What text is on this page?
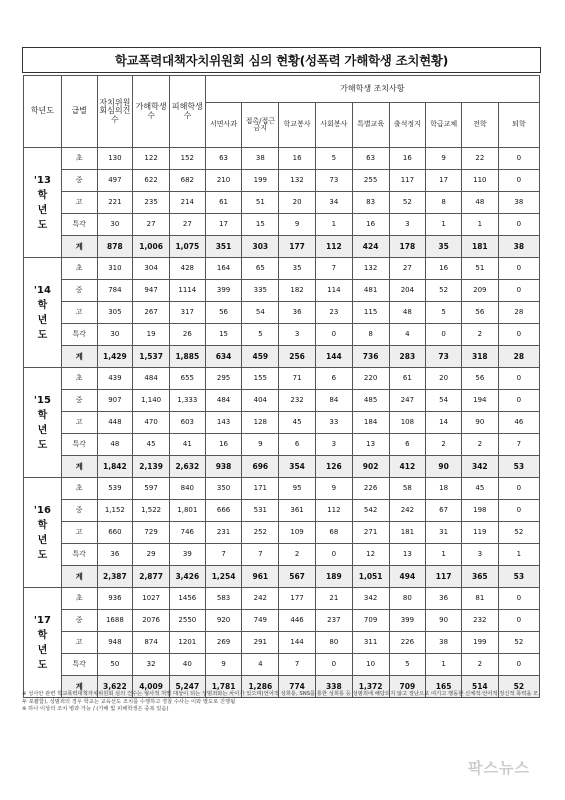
학교폭력대책자치위원회 심의 현황(성폭력 가해학생 조치현황)
학년도	급별	자치위원회심의건수	가해학생수	피해학생수	가해학생 조치사항								
					서면사과	접촉/접근금지	학교봉사	사회봉사	특별교육	출석정지	학급교체	전학	퇴학

'13
학
년
도	초	130	122	152	63	38	16	5	63	16	9	22	0
	중	497	622	682	210	199	132	73	255	117	17	110	0
	고	221	235	214	61	51	20	34	83	52	8	48	38
	특각	30	27	27	17	15	9	1	16	3	1	1	0
	계	878	1,006	1,075	351	303	177	112	424	178	35	181	38

'14
학
년
도	초	310	304	428	164	65	35	7	132	27	16	51	0
	중	784	947	1114	399	335	182	114	481	204	52	209	0
	고	305	267	317	56	54	36	23	115	48	5	56	28
	특각	30	19	26	15	5	3	0	8	4	0	2	0
	계	1,429	1,537	1,885	634	459	256	144	736	283	73	318	28

'15
학
년
도	초	439	484	655	295	155	71	6	220	61	20	56	0
	중	907	1,140	1,333	484	404	232	84	485	247	54	194	0
	고	448	470	603	143	128	45	33	184	108	14	90	46
	특각	48	45	41	16	9	6	3	13	6	2	2	7
	계	1,842	2,139	2,632	938	696	354	126	902	412	90	342	53

'16
학
년
도	초	539	597	840	350	171	95	9	226	58	18	45	0
	중	1,152	1,522	1,801	666	531	361	112	542	242	67	198	0
	고	660	729	746	231	252	109	68	271	181	31	119	52
	특각	36	29	39	7	7	2	0	12	13	1	3	1
	계	2,387	2,877	3,426	1,254	961	567	189	1,051	494	117	365	53

'17
학
년
도	초	936	1027	1456	583	242	177	21	342	80	36	81	0
	중	1688	2076	2550	920	749	446	237	709	399	90	232	0
	고	948	874	1201	269	291	144	80	311	226	38	199	52
	특각	50	32	40	9	4	7	0	10	5	1	2	0
	계	3,622	4,009	5,247	1,781	1,286	774	338	1,372	709	165	514	52

※ 성사안 관련 학교폭력대책자치위원회 심의 건수는 형사적 처벌 대상이 되는 성범죄와는 차이가 있으며(언어적 성희롱, SNS를 통한 성희롱 등 성범죄에 해당되지 않고 장난으로 여기고 행동한 신체적·언어적·정신적 폭력을 모두 포괄함), 성범죄의 경우 학교는 교육선도 조치를 수행하고 경찰 수사는 이와 별도로 진행됨

※ 하나 이상의 조치 병과 가능 / (가해 및 피해학생은 중복 있음)

팍스뉴스
